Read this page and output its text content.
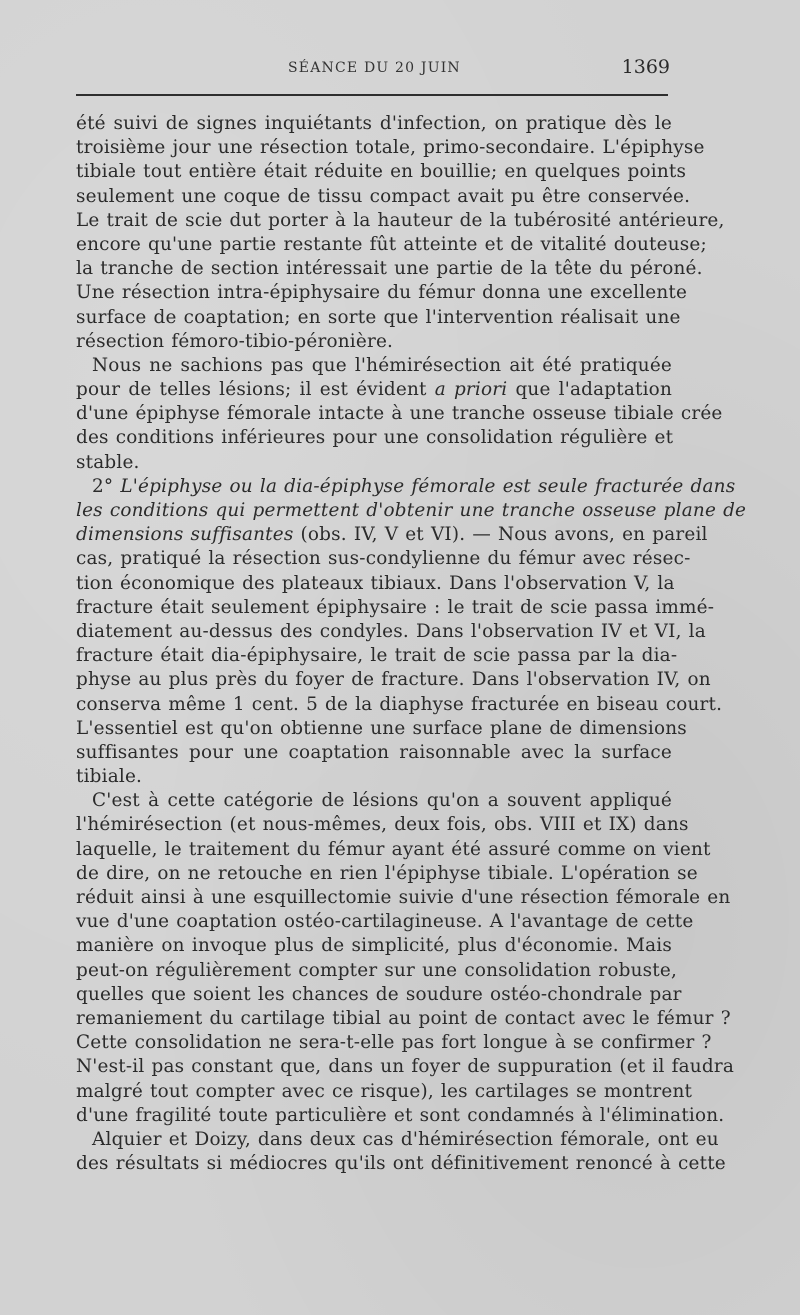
SÉANCE DU 20 JUIN	1369
été suivi de signes inquiétants d'infection, on pratique dès le
troisième jour une résection totale, primo-secondaire. L'épiphyse
tibiale tout entière était réduite en bouillie; en quelques points
seulement une coque de tissu compact avait pu être conservée.
Le trait de scie dut porter à la hauteur de la tubérosité antérieure,
encore qu'une partie restante fût atteinte et de vitalité douteuse;
la tranche de section intéressait une partie de la tête du péroné.
Une résection intra-épiphysaire du fémur donna une excellente
surface de coaptation; en sorte que l'intervention réalisait une
résection fémoro-tibio-péronière.
Nous ne sachions pas que l'hémirésection ait été pratiquée
pour de telles lésions; il est évident a priori que l'adaptation
d'une épiphyse fémorale intacte à une tranche osseuse tibiale crée
des conditions inférieures pour une consolidation régulière et
stable.
2° L'épiphyse ou la dia-épiphyse fémorale est seule fracturée dans
les conditions qui permettent d'obtenir une tranche osseuse plane de
dimensions suffisantes (obs. IV, V et VI). — Nous avons, en pareil
cas, pratiqué la résection sus-condylienne du fémur avec résec-
tion économique des plateaux tibiaux. Dans l'observation V, la
fracture était seulement épiphysaire : le trait de scie passa immé-
diatement au-dessus des condyles. Dans l'observation IV et VI, la
fracture était dia-épiphysaire, le trait de scie passa par la dia-
physe au plus près du foyer de fracture. Dans l'observation IV, on
conserva même 1 cent. 5 de la diaphyse fracturée en biseau court.
L'essentiel est qu'on obtienne une surface plane de dimensions
suffisantes pour une coaptation raisonnable avec la surface
tibiale.
C'est à cette catégorie de lésions qu'on a souvent appliqué
l'hémirésection (et nous-mêmes, deux fois, obs. VIII et IX) dans
laquelle, le traitement du fémur ayant été assuré comme on vient
de dire, on ne retouche en rien l'épiphyse tibiale. L'opération se
réduit ainsi à une esquillectomie suivie d'une résection fémorale en
vue d'une coaptation ostéo-cartilagineuse. A l'avantage de cette
manière on invoque plus de simplicité, plus d'économie. Mais
peut-on régulièrement compter sur une consolidation robuste,
quelles que soient les chances de soudure ostéo-chondrale par
remaniement du cartilage tibial au point de contact avec le fémur ?
Cette consolidation ne sera-t-elle pas fort longue à se confirmer ?
N'est-il pas constant que, dans un foyer de suppuration (et il faudra
malgré tout compter avec ce risque), les cartilages se montrent
d'une fragilité toute particulière et sont condamnés à l'élimination.
Alquier et Doizy, dans deux cas d'hémirésection fémorale, ont eu
des résultats si médiocres qu'ils ont définitivement renoncé à cette
